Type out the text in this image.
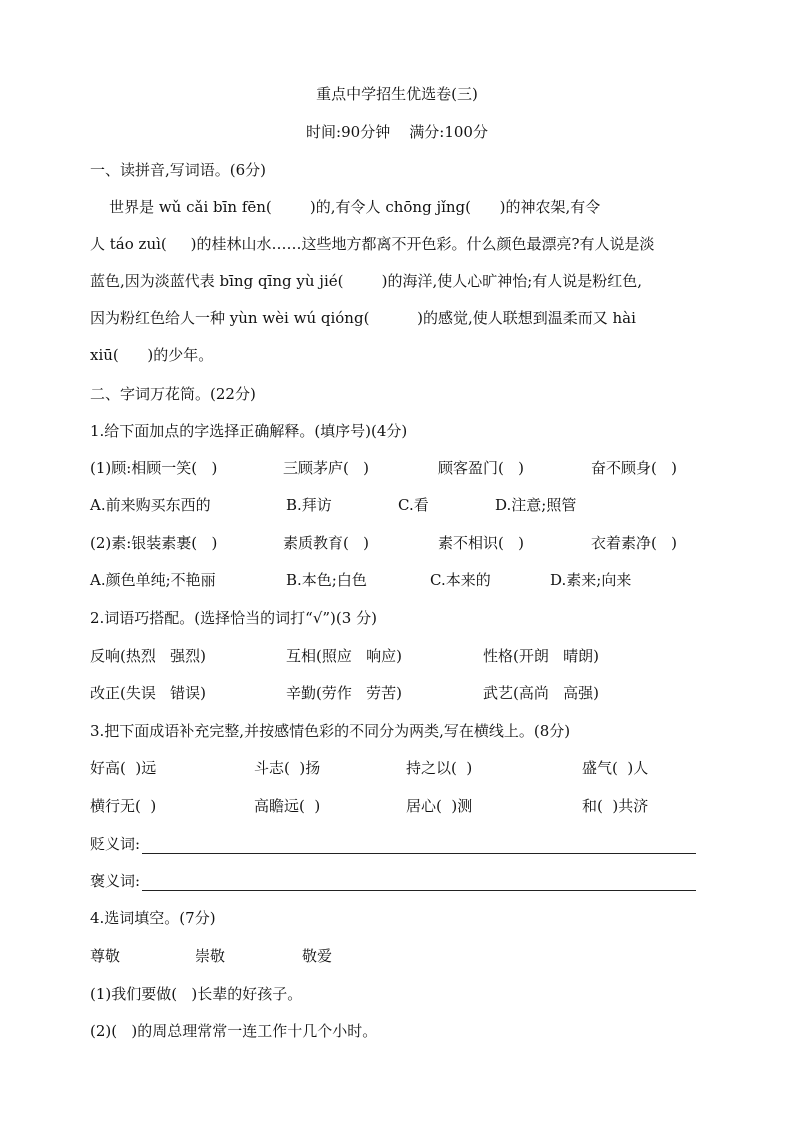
重点中学招生优选卷(三)
时间:90分钟    满分:100分
一、读拼音,写词语。(6分)
世界是 wǔ cǎi bīn fēn(        )的,有令人 chōng jǐng(      )的神农架,有令
人 táo zuì(     )的桂林山水……这些地方都离不开色彩。什么颜色最漂亮?有人说是淡
蓝色,因为淡蓝代表 bīng qīng yù jié(        )的海洋,使人心旷神怡;有人说是粉红色,
因为粉红色给人一种 yùn wèi wú qióng(          )的感觉,使人联想到温柔而又 hài
xiū(      )的少年。
二、字词万花筒。(22分)
1.给下面加点的字选择正确解释。(填序号)(4分)
(1)顾:相顾一笑(   )	三顾茅庐(   )	顾客盈门(   )	奋不顾身(   )
A.前来购买东西的	B.拜访	C.看	D.注意;照管
(2)素:银装素裹(   )	素质教育(   )	素不相识(   )	衣着素净(   )
A.颜色单纯;不艳丽	B.本色;白色	C.本来的	D.素来;向来
2.词语巧搭配。(选择恰当的词打“√”)(3 分)
反响(热烈   强烈)	互相(照应   响应)	性格(开朗   晴朗)
改正(失误   错误)	辛勤(劳作   劳苦)	武艺(高尚   高强)
3.把下面成语补充完整,并按感情色彩的不同分为两类,写在横线上。(8分)
好高(  )远	斗志(  )扬	持之以(  )	盛气(  )人
横行无(  )	高瞻远(  )	居心(  )测	和(  )共济
贬义词:
褒义词:
4.选词填空。(7分)
尊敬	崇敬	敬爱
(1)我们要做(   )长辈的好孩子。
(2)(   )的周总理常常一连工作十几个小时。
